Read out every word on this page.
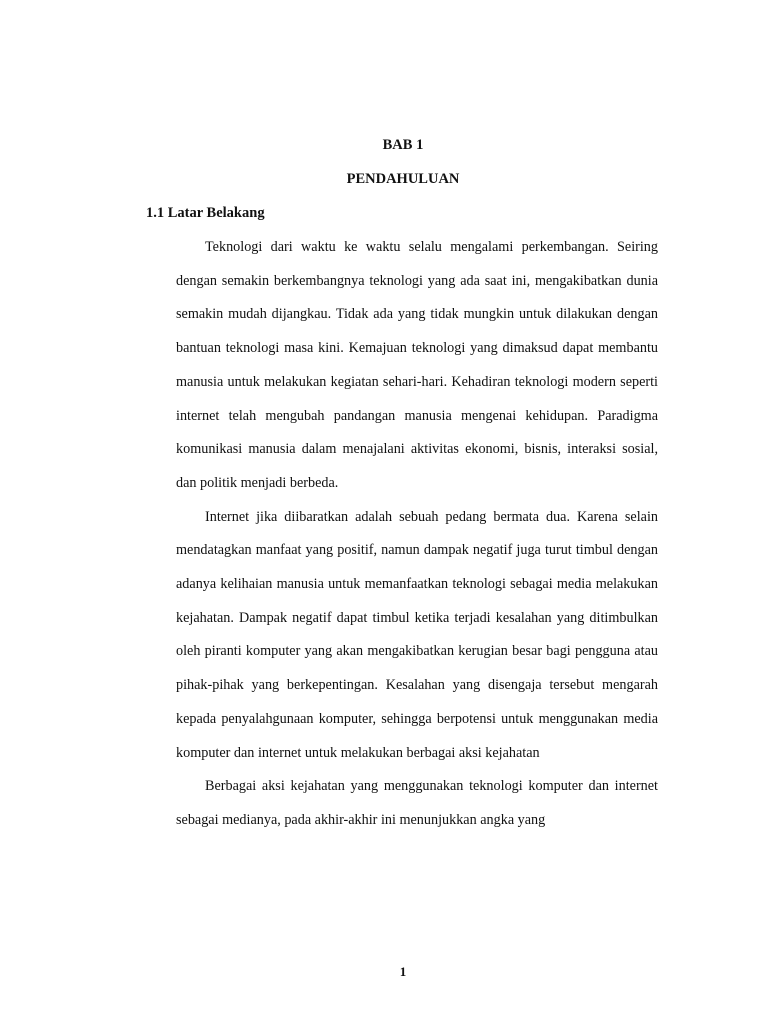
BAB 1
PENDAHULUAN
1.1 Latar Belakang

Teknologi dari waktu ke waktu selalu mengalami perkembangan. Seiring dengan semakin berkembangnya teknologi yang ada saat ini, mengakibatkan dunia semakin mudah dijangkau. Tidak ada yang tidak mungkin untuk dilakukan dengan bantuan teknologi masa kini. Kemajuan teknologi yang dimaksud dapat membantu manusia untuk melakukan kegiatan sehari-hari. Kehadiran teknologi modern seperti internet telah mengubah pandangan manusia mengenai kehidupan. Paradigma komunikasi manusia dalam menajalani aktivitas ekonomi, bisnis, interaksi sosial, dan politik menjadi berbeda.

Internet jika diibaratkan adalah sebuah pedang bermata dua. Karena selain mendatagkan manfaat yang positif, namun dampak negatif juga turut timbul dengan adanya kelihaian manusia untuk memanfaatkan teknologi sebagai media melakukan kejahatan. Dampak negatif dapat timbul ketika terjadi kesalahan yang ditimbulkan oleh piranti komputer yang akan mengakibatkan kerugian besar bagi pengguna atau pihak-pihak yang berkepentingan. Kesalahan yang disengaja tersebut mengarah kepada penyalahgunaan komputer, sehingga berpotensi untuk menggunakan media komputer dan internet untuk melakukan berbagai aksi kejahatan

Berbagai aksi kejahatan yang menggunakan teknologi komputer dan internet sebagai medianya, pada akhir-akhir ini menunjukkan angka yang

1
